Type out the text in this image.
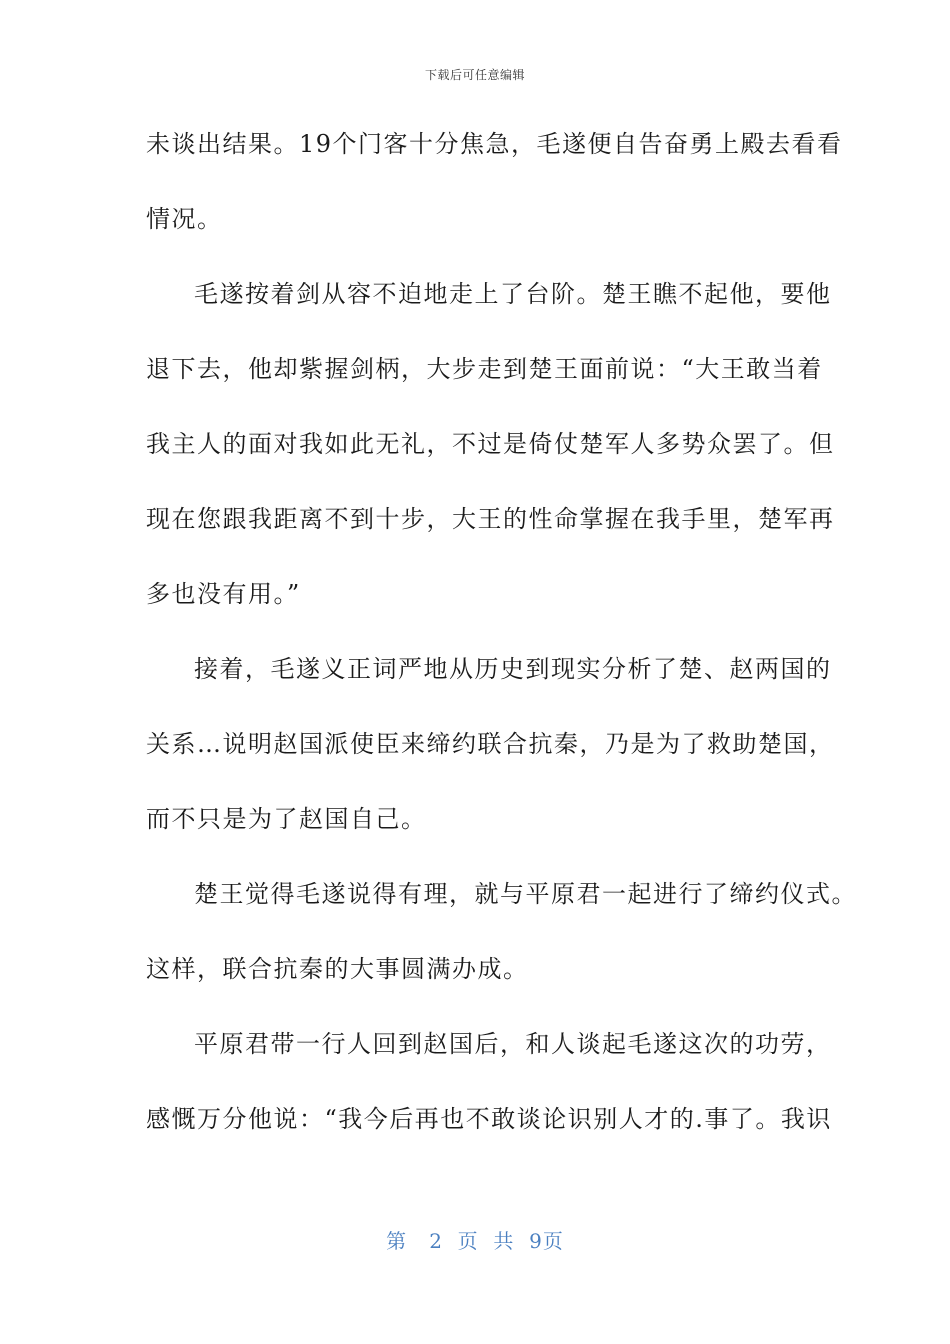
下载后可任意编辑
未谈出结果。19个门客十分焦急，毛遂便自告奋勇上殿去看看
情况。
毛遂按着剑从容不迫地走上了台阶。楚王瞧不起他，要他
退下去，他却紫握剑柄，大步走到楚王面前说：“大王敢当着
我主人的面对我如此无礼，不过是倚仗楚军人多势众罢了。但
现在您跟我距离不到十步，大王的性命掌握在我手里，楚军再
多也没有用。”
接着，毛遂义正词严地从历史到现实分析了楚、赵两国的
关系…说明赵国派使臣来缔约联合抗秦，乃是为了救助楚国，
而不只是为了赵国自己。
楚王觉得毛遂说得有理，就与平原君一起进行了缔约仪式。
这样，联合抗秦的大事圆满办成。
平原君带一行人回到赵国后，和人谈起毛遂这次的功劳，
感慨万分他说：“我今后再也不敢谈论识别人才的.事了。我识
第 2 页 共 9页
